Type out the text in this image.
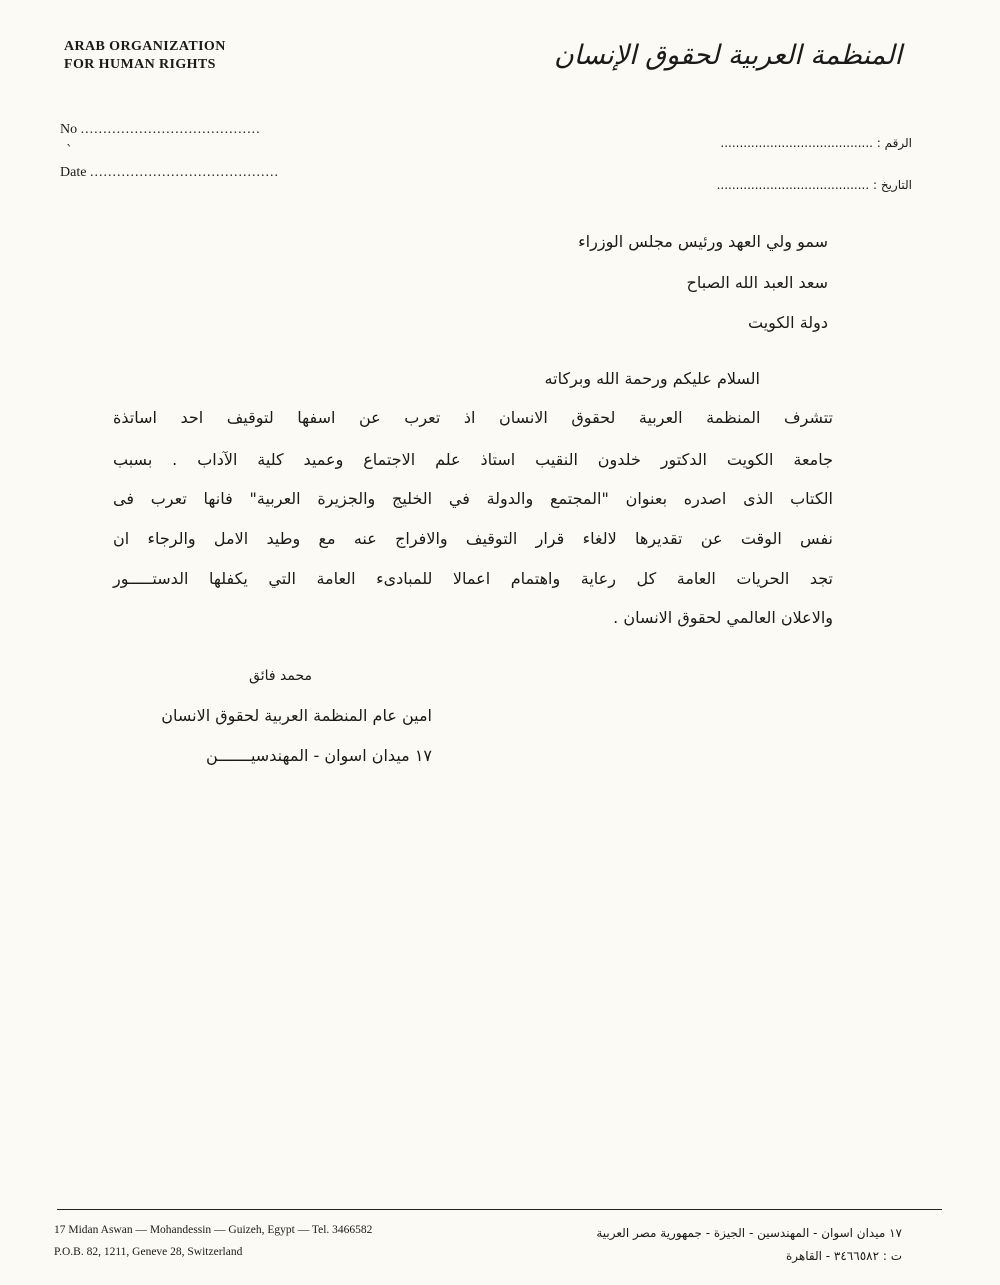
ARAB ORGANIZATION
FOR HUMAN RIGHTS	المنظمة العربية لحقوق الإنسان
No ........................................
`
Date ..........................................
الرقم : ........................................
التاريخ : ........................................
سمو ولي العهد ورئيس مجلس الوزراء
سعد العبد الله الصباح
دولة الكويت
السلام عليكم ورحمة الله وبركاته
تتشرف المنظمة العربية لحقوق الانسان اذ تعرب عن اسفها لتوقيف احد اساتذة
جامعة الكويت الدكتور خلدون النقيب استاذ علم الاجتماع وعميد كلية الآداب . بسبب
الكتاب الذى اصدره بعنوان "المجتمع والدولة في الخليج والجزيرة العربية" فانها تعرب فى
نفس الوقت عن تقديرها لالغاء قرار التوقيف والافراج عنه مع وطيد الامل والرجاء ان
تجد الحريات العامة كل رعاية واهتمام اعمالا للمبادىء العامة التي يكفلها الدستـــــور
والاعلان العالمي لحقوق الانسان .
محمد فائق
امين عام المنظمة العربية لحقوق الانسان
١٧ ميدان اسوان - المهندسيـــــــن
17 Midan Aswan — Mohandessin — Guizeh, Egypt — Tel. 3466582
P.O.B. 82, 1211, Geneve 28, Switzerland
١٧ ميدان اسوان - المهندسين - الجيزة - جمهورية مصر العربية
ت : ٣٤٦٦٥٨٢ - القاهرة
